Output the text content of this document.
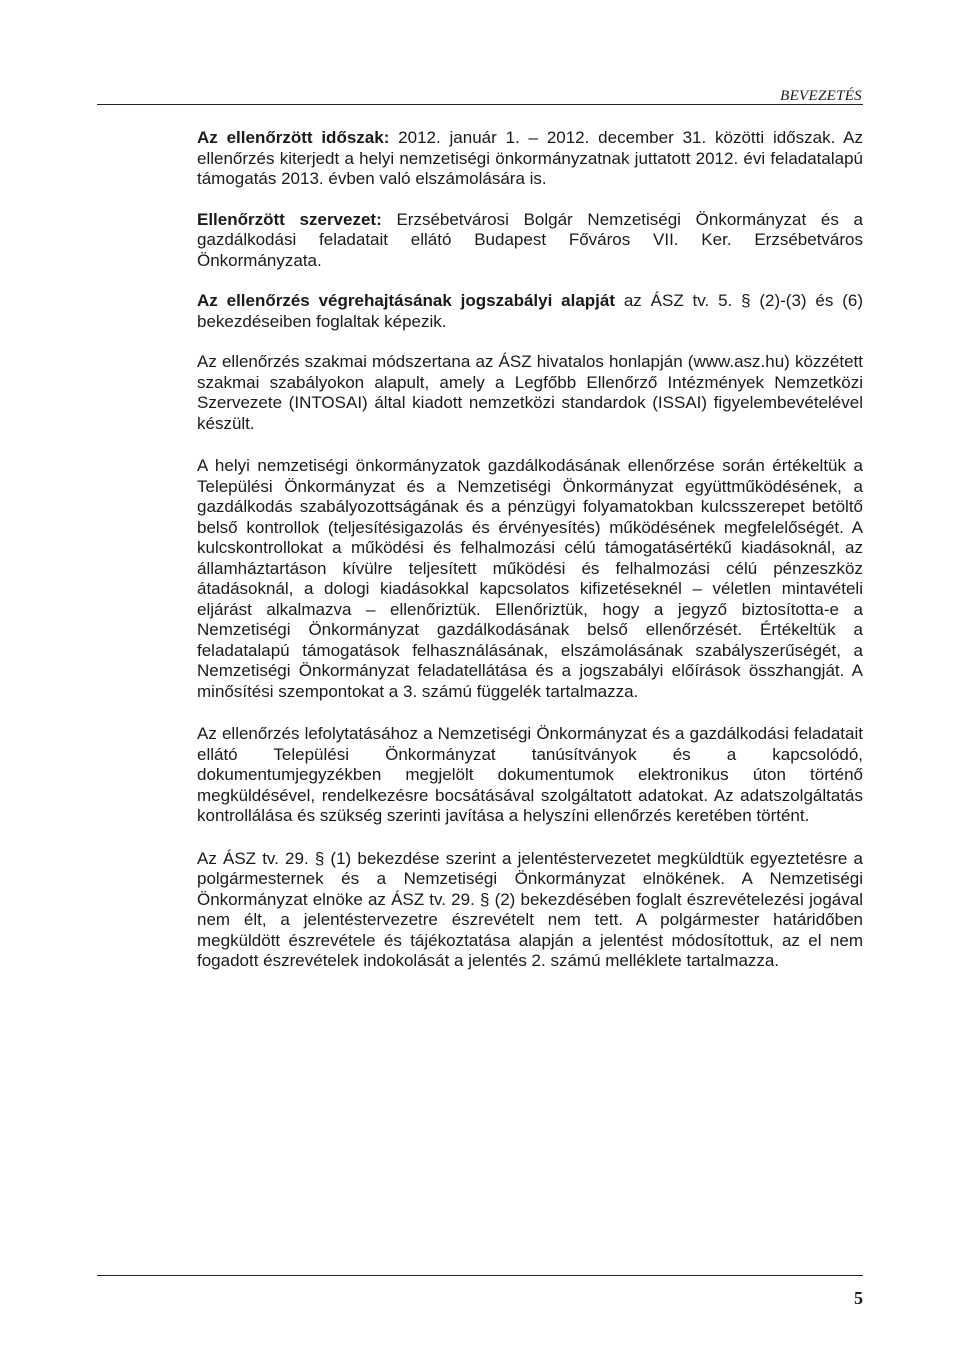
BEVEZETÉS

Az ellenőrzött időszak: 2012. január 1. – 2012. december 31. közötti időszak. Az ellenőrzés kiterjedt a helyi nemzetiségi önkormányzatnak juttatott 2012. évi feladatalapú támogatás 2013. évben való elszámolására is.

Ellenőrzött szervezet: Erzsébetvárosi Bolgár Nemzetiségi Önkormányzat és a gazdálkodási feladatait ellátó Budapest Főváros VII. Ker. Erzsébetváros Önkormányzata.

Az ellenőrzés végrehajtásának jogszabályi alapját az ÁSZ tv. 5. § (2)-(3) és (6) bekezdéseiben foglaltak képezik.

Az ellenőrzés szakmai módszertana az ÁSZ hivatalos honlapján (www.asz.hu) közzétett szakmai szabályokon alapult, amely a Legfőbb Ellenőrző Intézmények Nemzetközi Szervezete (INTOSAI) által kiadott nemzetközi standardok (ISSAI) figyelembevételével készült.

A helyi nemzetiségi önkormányzatok gazdálkodásának ellenőrzése során értékeltük a Települési Önkormányzat és a Nemzetiségi Önkormányzat együttműködésének, a gazdálkodás szabályozottságának és a pénzügyi folyamatokban kulcsszerepet betöltő belső kontrollok (teljesítésigazolás és érvényesítés) működésének megfelelőségét. A kulcskontrollokat a működési és felhalmozási célú támogatásértékű kiadásoknál, az államháztartáson kívülre teljesített működési és felhalmozási célú pénzeszköz átadásoknál, a dologi kiadásokkal kapcsolatos kifizetéseknél – véletlen mintavételi eljárást alkalmazva – ellenőriztük. Ellenőriztük, hogy a jegyző biztosította-e a Nemzetiségi Önkormányzat gazdálkodásának belső ellenőrzését. Értékeltük a feladatalapú támogatások felhasználásának, elszámolásának szabályszerűségét, a Nemzetiségi Önkormányzat feladatellátása és a jogszabályi előírások összhangját. A minősítési szempontokat a 3. számú függelék tartalmazza.

Az ellenőrzés lefolytatásához a Nemzetiségi Önkormányzat és a gazdálkodási feladatait ellátó Települési Önkormányzat tanúsítványok és a kapcsolódó, dokumentumjegyzékben megjelölt dokumentumok elektronikus úton történő megküldésével, rendelkezésre bocsátásával szolgáltatott adatokat. Az adatszolgáltatás kontrollálása és szükség szerinti javítása a helyszíni ellenőrzés keretében történt.

Az ÁSZ tv. 29. § (1) bekezdése szerint a jelentéstervezetet megküldtük egyeztetésre a polgármesternek és a Nemzetiségi Önkormányzat elnökének. A Nemzetiségi Önkormányzat elnöke az ÁSZ tv. 29. § (2) bekezdésében foglalt észrevételezési jogával nem élt, a jelentéstervezetre észrevételt nem tett. A polgármester határidőben megküldött észrevétele és tájékoztatása alapján a jelentést módosítottuk, az el nem fogadott észrevételek indokolását a jelentés 2. számú melléklete tartalmazza.

5
